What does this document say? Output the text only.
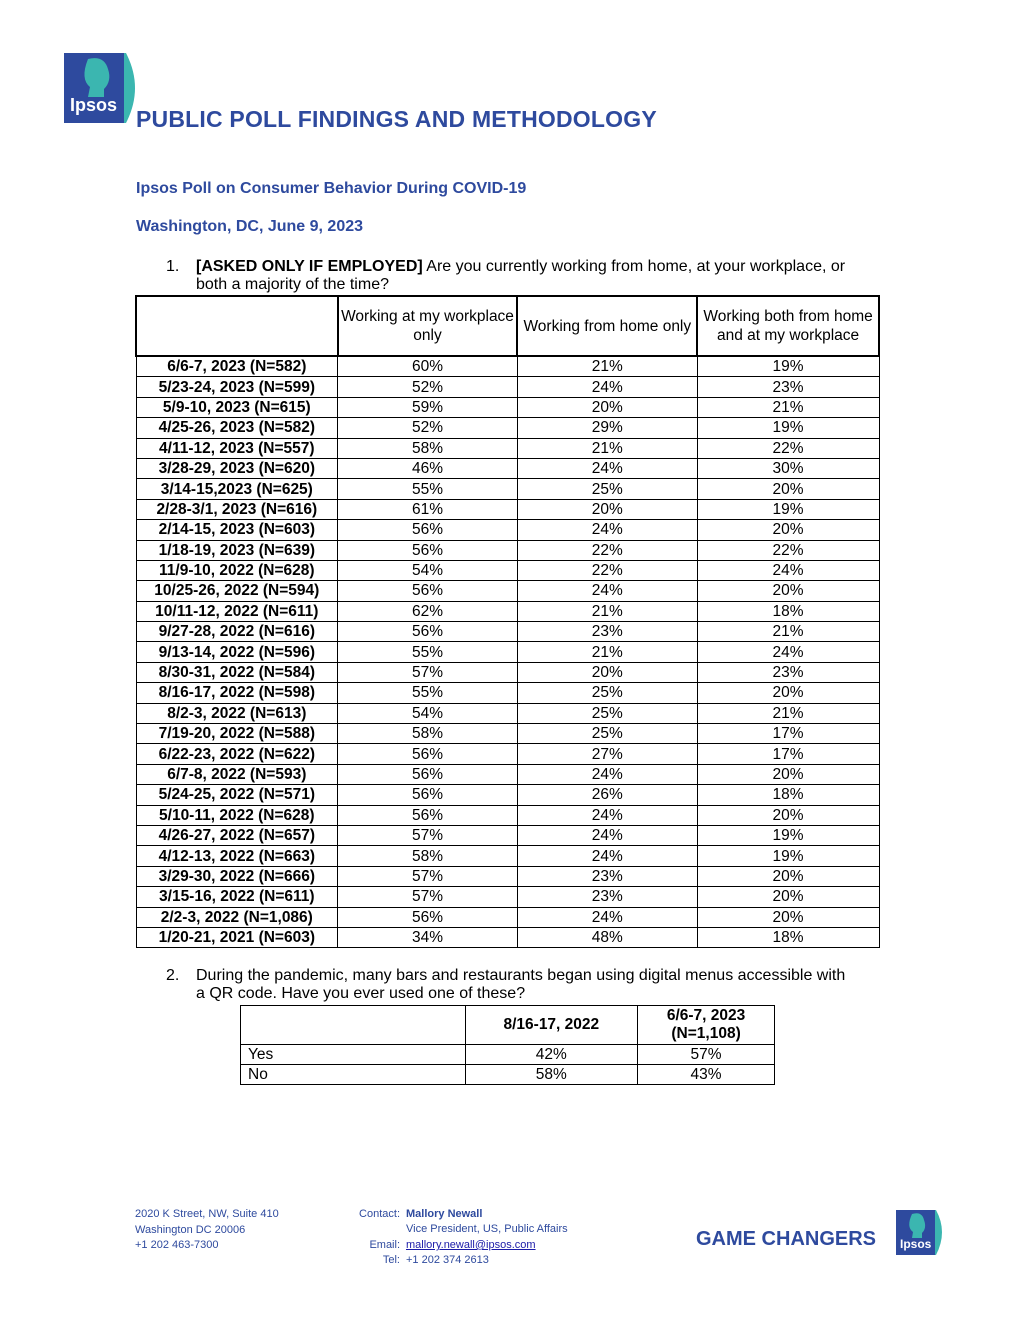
Ipsos
PUBLIC POLL FINDINGS AND METHODOLOGY
Ipsos Poll on Consumer Behavior During COVID-19
Washington, DC, June 9, 2023
1.	[ASKED ONLY IF EMPLOYED] Are you currently working from home, at your workplace, or
both a majority of the time?
	Working at my workplace only	Working from home only	Working both from home and at my workplace
6/6-7, 2023 (N=582)	60%	21%	19%
5/23-24, 2023 (N=599)	52%	24%	23%
5/9-10, 2023 (N=615)	59%	20%	21%
4/25-26, 2023 (N=582)	52%	29%	19%
4/11-12, 2023 (N=557)	58%	21%	22%
3/28-29, 2023 (N=620)	46%	24%	30%
3/14-15,2023 (N=625)	55%	25%	20%
2/28-3/1, 2023 (N=616)	61%	20%	19%
2/14-15, 2023 (N=603)	56%	24%	20%
1/18-19, 2023 (N=639)	56%	22%	22%
11/9-10, 2022 (N=628)	54%	22%	24%
10/25-26, 2022 (N=594)	56%	24%	20%
10/11-12, 2022 (N=611)	62%	21%	18%
9/27-28, 2022 (N=616)	56%	23%	21%
9/13-14, 2022 (N=596)	55%	21%	24%
8/30-31, 2022 (N=584)	57%	20%	23%
8/16-17, 2022 (N=598)	55%	25%	20%
8/2-3, 2022 (N=613)	54%	25%	21%
7/19-20, 2022 (N=588)	58%	25%	17%
6/22-23, 2022 (N=622)	56%	27%	17%
6/7-8, 2022 (N=593)	56%	24%	20%
5/24-25, 2022 (N=571)	56%	26%	18%
5/10-11, 2022 (N=628)	56%	24%	20%
4/26-27, 2022 (N=657)	57%	24%	19%
4/12-13, 2022 (N=663)	58%	24%	19%
3/29-30, 2022 (N=666)	57%	23%	20%
3/15-16, 2022 (N=611)	57%	23%	20%
2/2-3, 2022 (N=1,086)	56%	24%	20%
1/20-21, 2021 (N=603)	34%	48%	18%
2.	During the pandemic, many bars and restaurants began using digital menus accessible with
a QR code. Have you ever used one of these?
	8/16-17, 2022	6/6-7, 2023
(N=1,108)

Yes	42%	57%
No	58%	43%
2020 K Street, NW, Suite 410
Washington DC 20006
+1 202 463-7300
Contact: Mallory Newall
Vice President, US, Public Affairs
Email: mallory.newall@ipsos.com
Tel: +1 202 374 2613
GAME CHANGERS Ipsos
